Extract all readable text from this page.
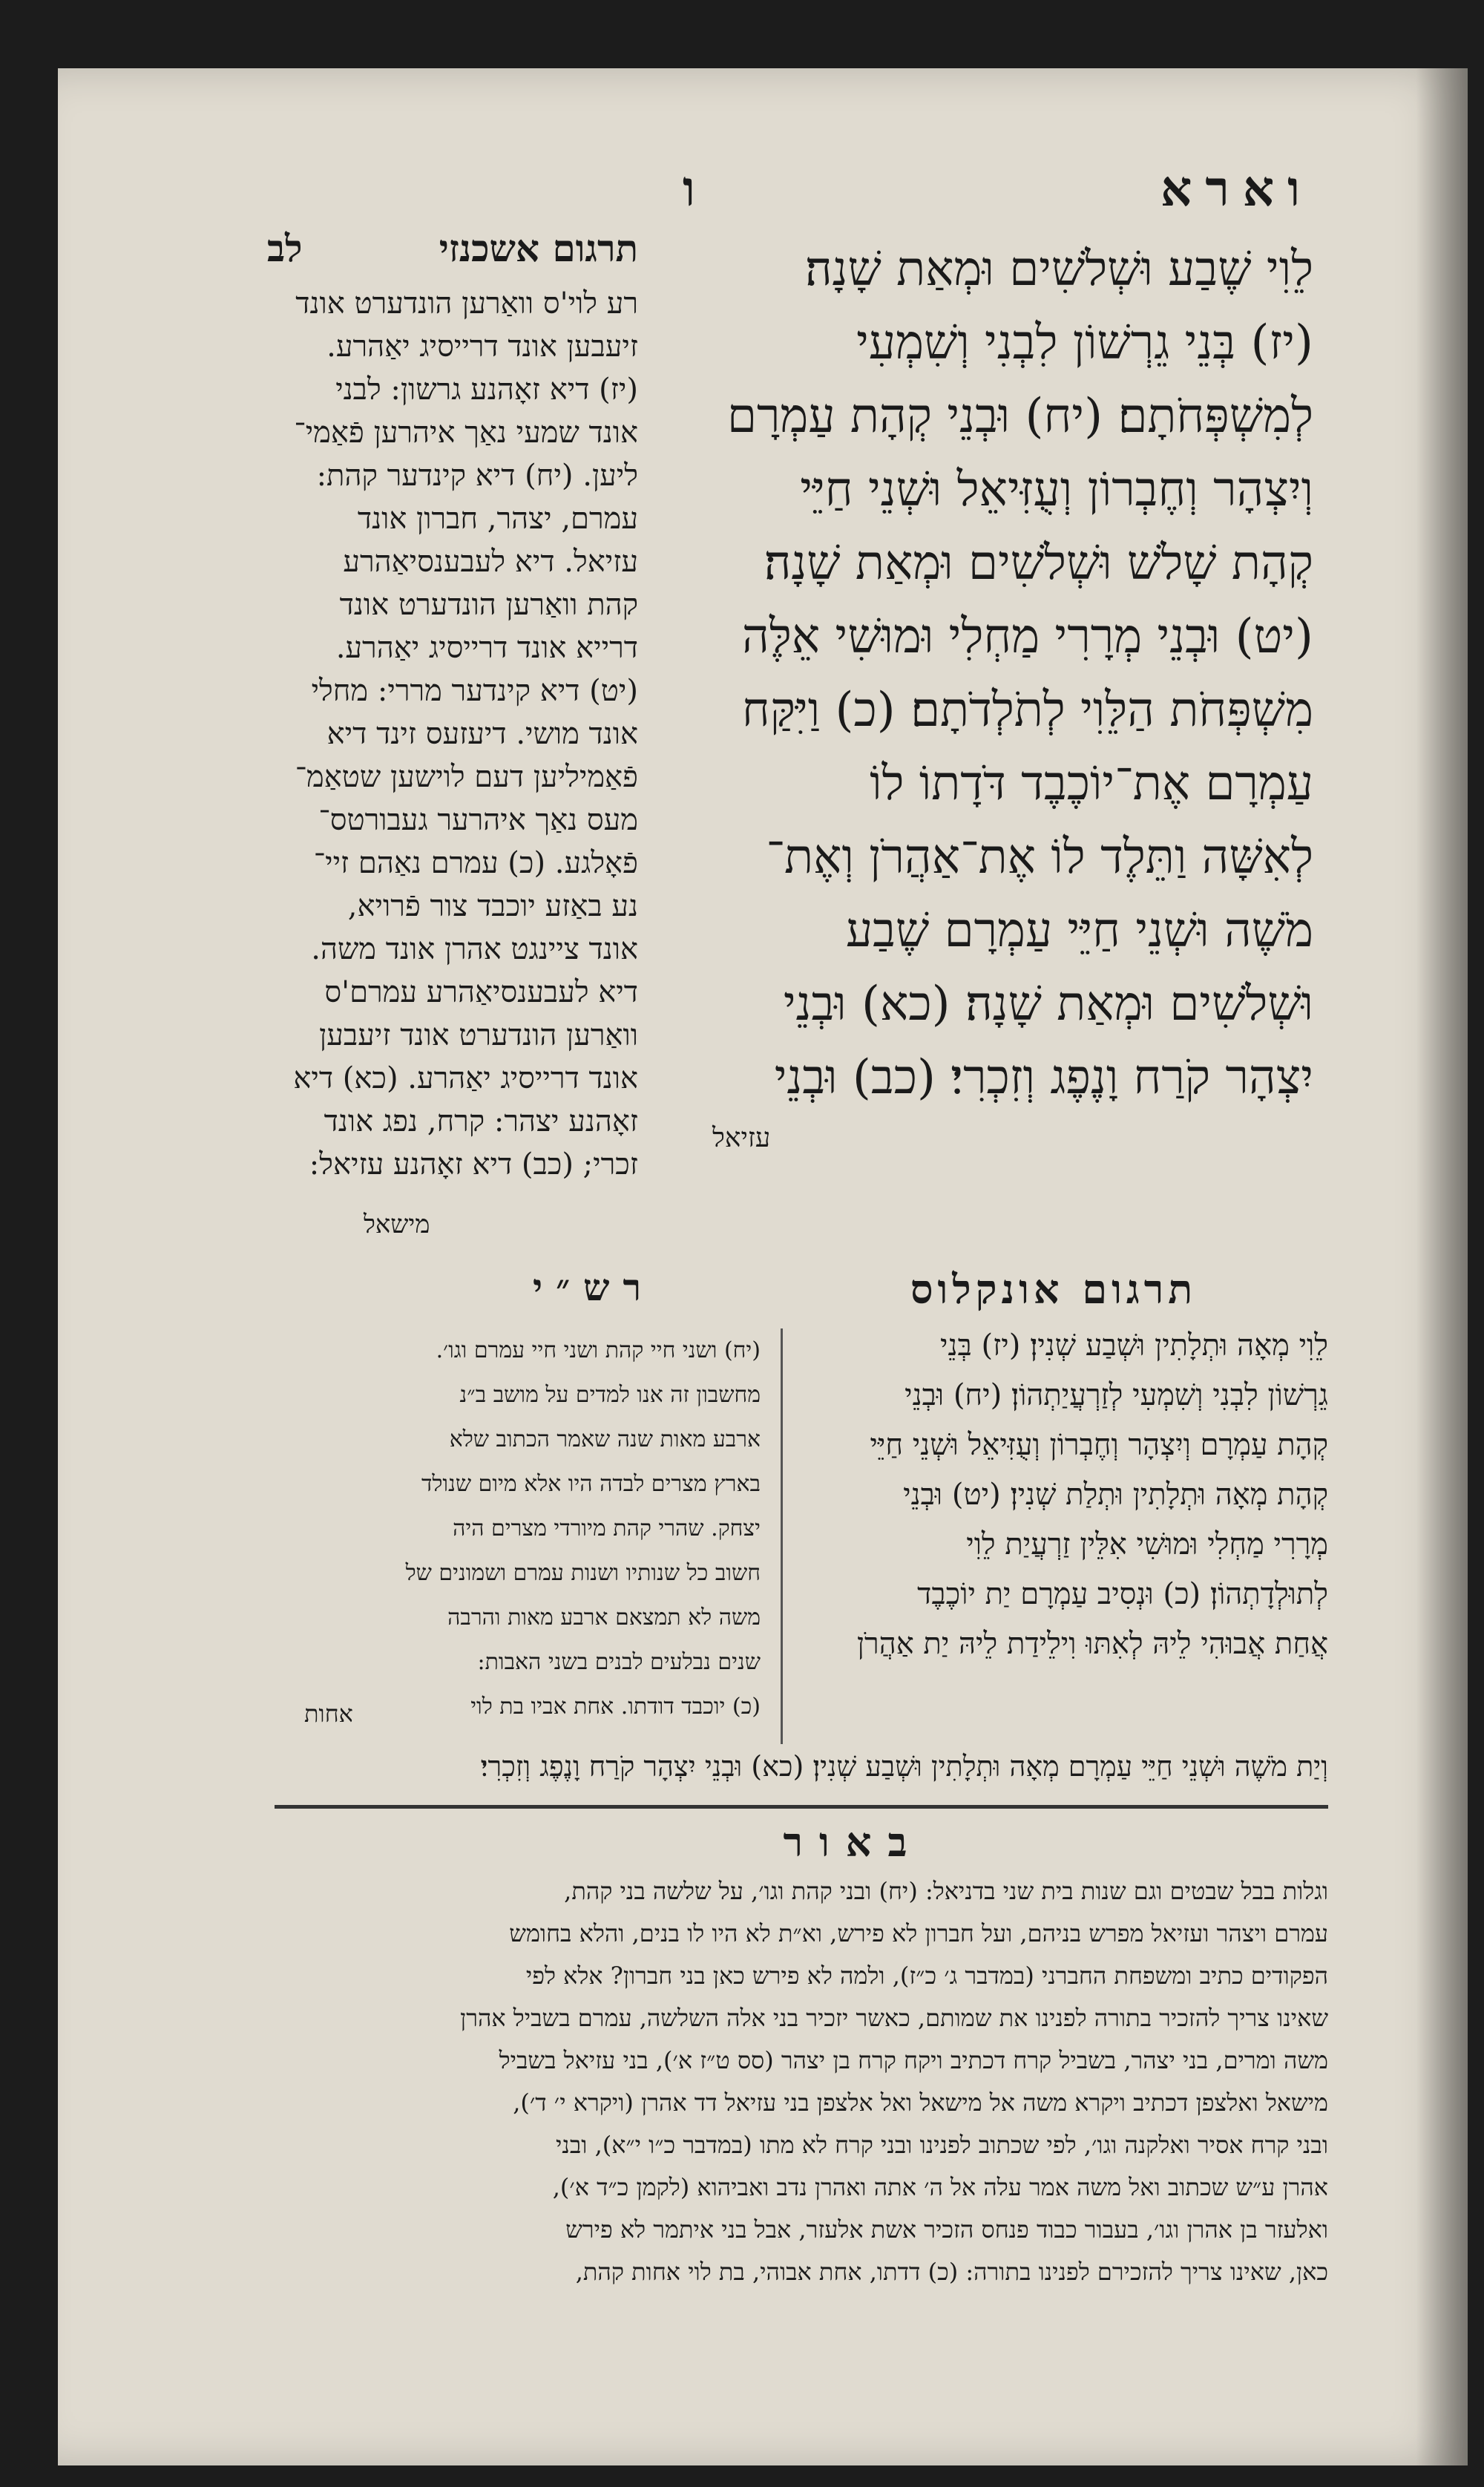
וארא
ו
לֵוִי שֶׁבַע וּשְׁלֹשִׁים וּמְאַת שָׁנָה׃
(יז) בְּנֵי גֵרְשׁוֹן לִבְנִי וְשִׁמְעִי
לְמִשְׁפְּחֹתָם׃ (יח) וּבְנֵי קְהָת עַמְרָם
וְיִצְהָר וְחֶבְרוֹן וְעֻזִּיאֵל וּשְׁנֵי חַיֵּי
קְהָת שָׁלֹשׁ וּשְׁלֹשִׁים וּמְאַת שָׁנָה׃
(יט) וּבְנֵי מְרָרִי מַחְלִי וּמוּשִׁי אֵלֶּה
מִשְׁפְּחֹת הַלֵּוִי לְתֹלְדֹתָם׃ (כ) וַיִּקַּח
עַמְרָם אֶת־יוֹכֶבֶד דֹּדָתוֹ לוֹ
לְאִשָּׁה וַתֵּלֶד לוֹ אֶת־אַהֲרֹן וְאֶת־
מֹשֶׁה וּשְׁנֵי חַיֵּי עַמְרָם שֶׁבַע
וּשְׁלֹשִׁים וּמְאַת שָׁנָה׃ (כא) וּבְנֵי
יִצְהָר קֹרַח וָנֶפֶג וְזִכְרִי׃ (כב) וּבְנֵי
עזיאל
תרגום אשכנזי
לב
רע לוי'ס וואַרען הונדערט אונד
זיעבען אונד דרייסיג יאַהרע.
(יז) דיא זאָהנע גרשון: לבני
אונד שמעי נאַך איהרען פֿאַמי־
ליען. (יח) דיא קינדער קהת:
עמרם, יצהר, חברון אונד
עזיאל. דיא לעבענסיאַהרע
קהת וואַרען הונדערט אונד
דרייא אונד דרייסיג יאַהרע.
(יט) דיא קינדער מררי: מחלי
אונד מושי. דיעזעס זינד דיא
פֿאַמיליען דעם לוישען שטאַמ־
מעס נאַך איהרער געבורטס־
פֿאָלגע. (כ) עמרם נאַהם זיי־
נע באַזע יוכבד צור פֿרויא,
אונד ציינגט אהרן אונד משה.
דיא לעבענסיאַהרע עמרם'ס
וואַרען הונדערט אונד זיעבען
אונד דרייסיג יאַהרע. (כא) דיא
זאָהנע יצהר: קרח, נפג אונד
זכרי; (כב) דיא זאָהנע עזיאל:
מישאל
רש״י
(יח) ושני חיי קהת ושני חיי עמרם וגו׳.
מחשבון זה אנו למדים על מושב ב״נ
ארבע מאות שנה שאמר הכתוב שלא
בארץ מצרים לבדה היו אלא מיום שנולד
יצחק. שהרי קהת מיורדי מצרים היה
חשוב כל שנותיו ושנות עמרם ושמונים של
משה לא תמצאם ארבע מאות והרבה
שנים נבלעים לבנים בשני האבות:
(כ) יוכבד דודתו. אחת אביו בת לוי
אחות
תרגום אונקלוס
לֵוִי מְאָה וּתְלָתִין וּשְׁבַע שְׁנִין׃ (יז) בְּנֵי
גֵרְשׁוֹן לִבְנִי וְשִׁמְעִי לְזַרְעֲיַתְהוֹן׃ (יח) וּבְנֵי
קְהָת עַמְרָם וְיִצְהָר וְחֶבְרוֹן וְעֻזִּיאֵל וּשְׁנֵי חַיֵּי
קְהָת מְאָה וּתְלָתִין וּתְלַת שְׁנִין׃ (יט) וּבְנֵי
מְרָרִי מַחְלִי וּמוּשִׁי אִלֵּין זַרְעֲיַת לֵוִי
לְתוּלְדָתְהוֹן׃ (כ) וּנְסִיב עַמְרָם יַת יוֹכֶבֶד
אֲחַת אֲבוּהִי לֵיהּ לְאִתּוּ וִילֵידַת לֵיהּ יַת אַהֲרֹן
וְיַת מֹשֶׁה וּשְׁנֵי חַיֵּי עַמְרָם מְאָה וּתְלָתִין וּשְׁבַע שְׁנִין׃ (כא) וּבְנֵי יִצְהָר קֹרַח וָנֶפֶג וְזִכְרִי׃
באור
וגלות בבל שבטים וגם שנות בית שני בדניאל: (יח) ובני קהת וגו׳, על שלשה בני קהת,
עמרם ויצהר ועזיאל מפרש בניהם, ועל חברון לא פירש, וא״ת לא היו לו בנים, והלא בחומש
הפקודים כתיב ומשפחת החברני (במדבר ג׳ כ״ז), ולמה לא פירש כאן בני חברון? אלא לפי
שאינו צריך להזכיר בתורה לפנינו את שמותם, כאשר יזכיר בני אלה השלשה, עמרם בשביל אהרן
משה ומרים, בני יצהר, בשביל קרח דכתיב ויקח קרח בן יצהר (סס ט״ז א׳), בני עזיאל בשביל
מישאל ואלצפן דכתיב ויקרא משה אל מישאל ואל אלצפן בני עזיאל דד אהרן (ויקרא י׳ ד׳),
ובני קרח אסיר ואלקנה וגו׳, לפי שכתוב לפנינו ובני קרח לא מתו (במדבר כ״ו י״א), ובני
אהרן ע״ש שכתוב ואל משה אמר עלה אל ה׳ אתה ואהרן נדב ואביהוא (לקמן כ״ד א׳),
ואלעזר בן אהרן וגו׳, בעבור כבוד פנחס הזכיר אשת אלעזר, אבל בני איתמר לא פירש
כאן, שאינו צריך להזכירם לפנינו בתורה: (כ) דדתו, אחת אבוהי, בת לוי אחות קהת,
